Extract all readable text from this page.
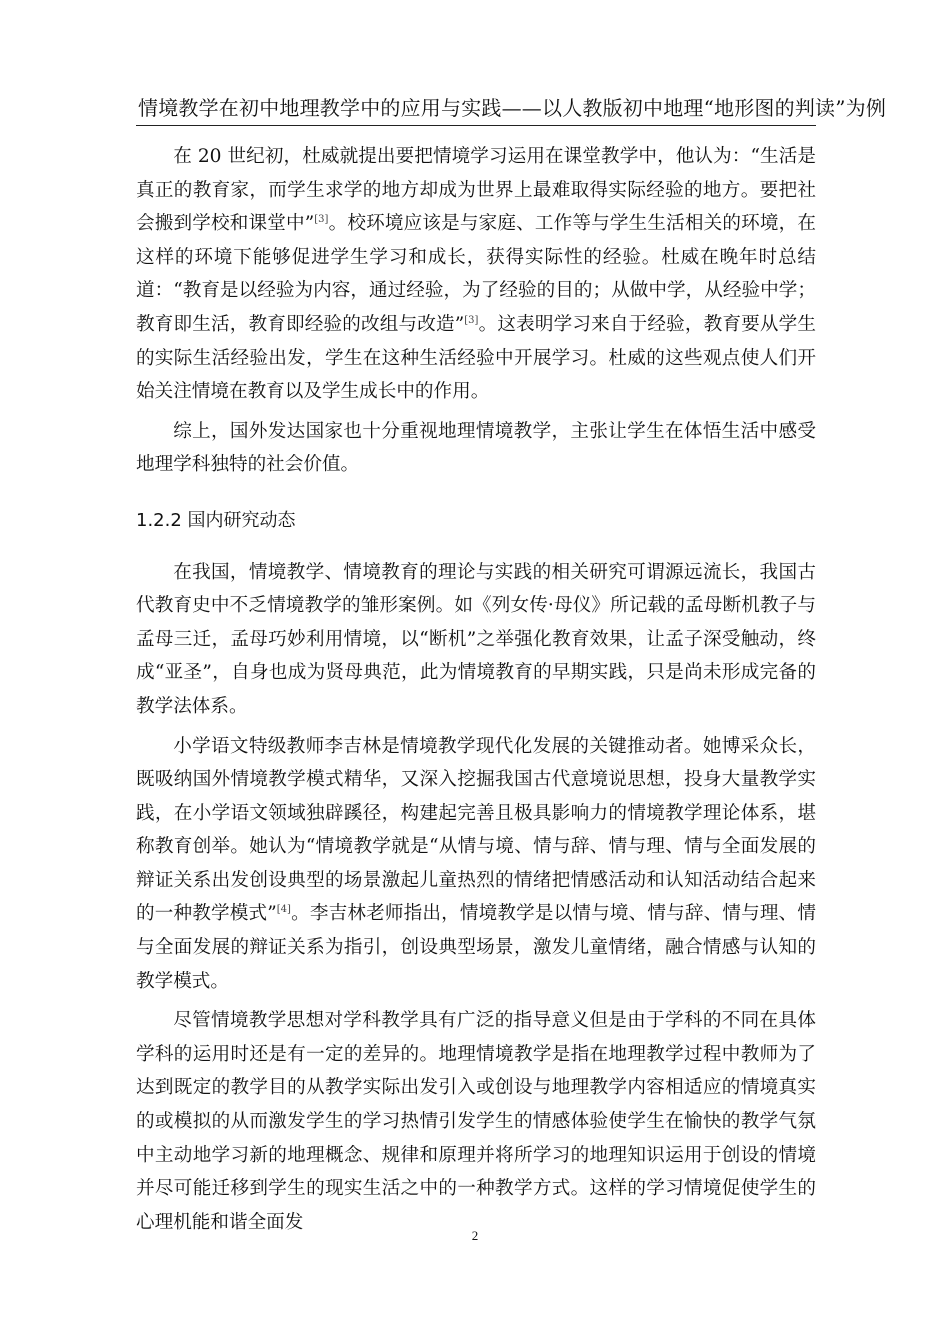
情境教学在初中地理教学中的应用与实践——以人教版初中地理“地形图的判读”为例

在 20 世纪初，杜威就提出要把情境学习运用在课堂教学中，他认为：“生活是真正的教育家，而学生求学的地方却成为世界上最难取得实际经验的地方。要把社会搬到学校和课堂中”[3]。校环境应该是与家庭、工作等与学生生活相关的环境，在这样的环境下能够促进学生学习和成长，获得实际性的经验。杜威在晚年时总结道：“教育是以经验为内容，通过经验，为了经验的目的；从做中学，从经验中学；教育即生活，教育即经验的改组与改造”[3]。这表明学习来自于经验，教育要从学生的实际生活经验出发，学生在这种生活经验中开展学习。杜威的这些观点使人们开始关注情境在教育以及学生成长中的作用。

综上，国外发达国家也十分重视地理情境教学，主张让学生在体悟生活中感受地理学科独特的社会价值。

1.2.2 国内研究动态

在我国，情境教学、情境教育的理论与实践的相关研究可谓源远流长，我国古代教育史中不乏情境教学的雏形案例。如《列女传·母仪》所记载的孟母断机教子与孟母三迁，孟母巧妙利用情境，以“断机”之举强化教育效果，让孟子深受触动，终成“亚圣”，自身也成为贤母典范，此为情境教育的早期实践，只是尚未形成完备的教学法体系。

小学语文特级教师李吉林是情境教学现代化发展的关键推动者。她博采众长，既吸纳国外情境教学模式精华，又深入挖掘我国古代意境说思想，投身大量教学实践，在小学语文领域独辟蹊径，构建起完善且极具影响力的情境教学理论体系，堪称教育创举。她认为“情境教学就是“从情与境、情与辞、情与理、情与全面发展的辩证关系出发创设典型的场景激起儿童热烈的情绪把情感活动和认知活动结合起来的一种教学模式”[4]。李吉林老师指出，情境教学是以情与境、情与辞、情与理、情与全面发展的辩证关系为指引，创设典型场景，激发儿童情绪，融合情感与认知的教学模式。

尽管情境教学思想对学科教学具有广泛的指导意义但是由于学科的不同在具体学科的运用时还是有一定的差异的。地理情境教学是指在地理教学过程中教师为了达到既定的教学目的从教学实际出发引入或创设与地理教学内容相适应的情境真实的或模拟的从而激发学生的学习热情引发学生的情感体验使学生在愉快的教学气氛中主动地学习新的地理概念、规律和原理并将所学习的地理知识运用于创设的情境并尽可能迁移到学生的现实生活之中的一种教学方式。这样的学习情境促使学生的心理机能和谐全面发

2
